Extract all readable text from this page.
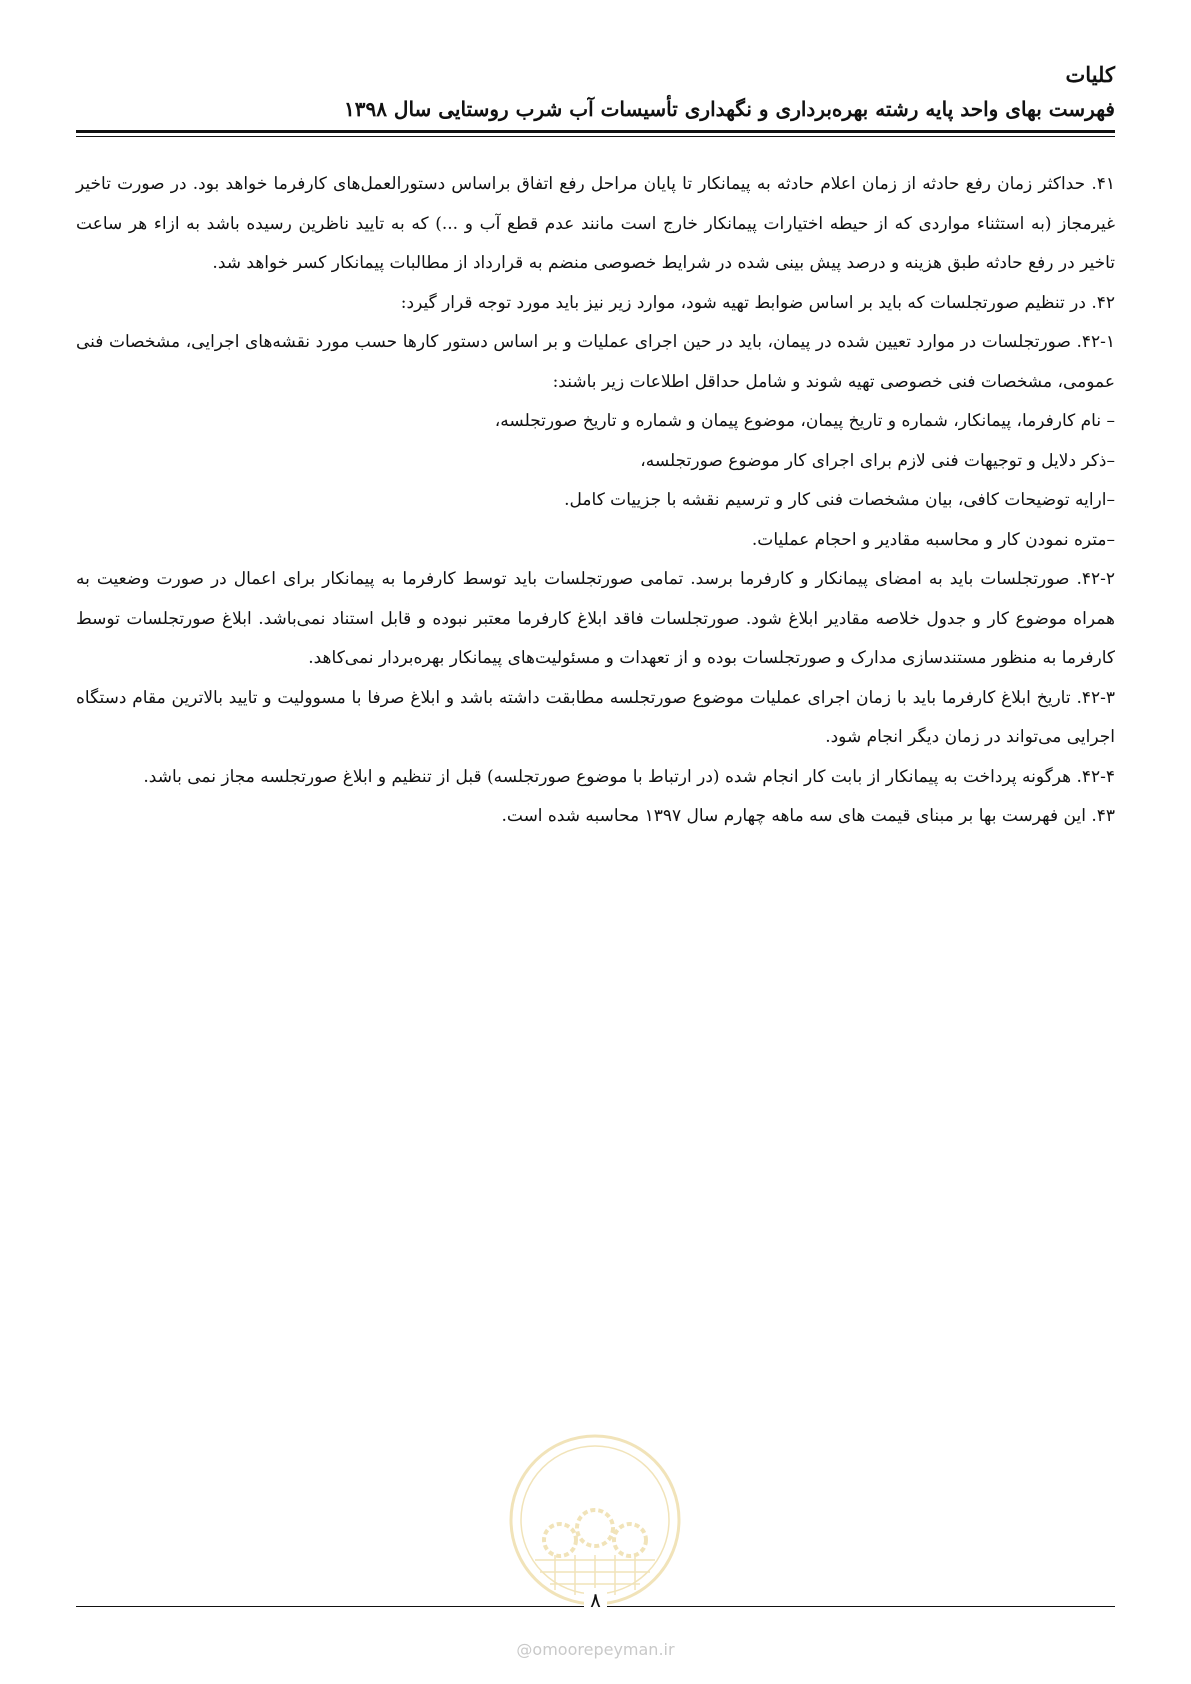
کلیات
فهرست بهای واحد پایه رشته بهره‌برداری و نگهداری تأسیسات آب شرب روستایی سال ۱۳۹۸

۴۱. حداکثر زمان رفع حادثه از زمان اعلام حادثه به پیمانکار تا پایان مراحل رفع اتفاق براساس دستورالعمل‌های کارفرما خواهد بود. در صورت تاخیر غیرمجاز (به استثناء مواردی که از حیطه اختیارات پیمانکار خارج است مانند عدم قطع آب و ...) که به تایید ناظرین رسیده باشد به ازاء هر ساعت تاخیر در رفع حادثه طبق هزینه و درصد پیش بینی شده در شرایط خصوصی منضم به قرارداد از مطالبات پیمانکار کسر خواهد شد.

۴۲. در تنظیم صورتجلسات که باید بر اساس ضوابط تهیه شود، موارد زیر نیز باید مورد توجه قرار گیرد:

۴۲-۱. صورتجلسات در موارد تعیین شده در پیمان، باید در حین اجرای عملیات و بر اساس دستور کارها حسب مورد نقشه‌های اجرایی، مشخصات فنی عمومی، مشخصات فنی خصوصی تهیه شوند و شامل حداقل اطلاعات زیر باشند:

– نام کارفرما، پیمانکار، شماره و تاریخ پیمان، موضوع پیمان و شماره و تاریخ صورتجلسه،

–ذکر دلایل و توجیهات فنی لازم برای اجرای کار موضوع صورتجلسه،

–ارایه توضیحات کافی، بیان مشخصات فنی کار و ترسیم نقشه با جزییات کامل.

–متره نمودن کار و محاسبه مقادیر و احجام عملیات.

۴۲-۲. صورتجلسات باید به امضای پیمانکار و کارفرما برسد. تمامی صورتجلسات باید توسط کارفرما به پیمانکار برای اعمال در صورت وضعیت به همراه موضوع کار و جدول خلاصه مقادیر ابلاغ شود. صورتجلسات فاقد ابلاغ کارفرما معتبر نبوده و قابل استناد نمی‌باشد. ابلاغ صورتجلسات توسط کارفرما به منظور مستندسازی مدارک و صورتجلسات بوده و از تعهدات و مسئولیت‌های پیمانکار بهره‌بردار نمی‌کاهد.

۴۲-۳. تاریخ ابلاغ کارفرما باید با زمان اجرای عملیات موضوع صورتجلسه مطابقت داشته باشد و ابلاغ صرفا با مسوولیت و تایید بالاترین مقام دستگاه اجرایی می‌تواند در زمان دیگر انجام شود.

۴۲-۴. هرگونه پرداخت به پیمانکار از بابت کار انجام شده (در ارتباط با موضوع صورتجلسه) قبل از تنظیم و ابلاغ صورتجلسه مجاز نمی باشد.

۴۳. این فهرست بها بر مبنای قیمت های سه ماهه چهارم سال ۱۳۹۷ محاسبه شده است.

۸
@omoorepeyman.ir
